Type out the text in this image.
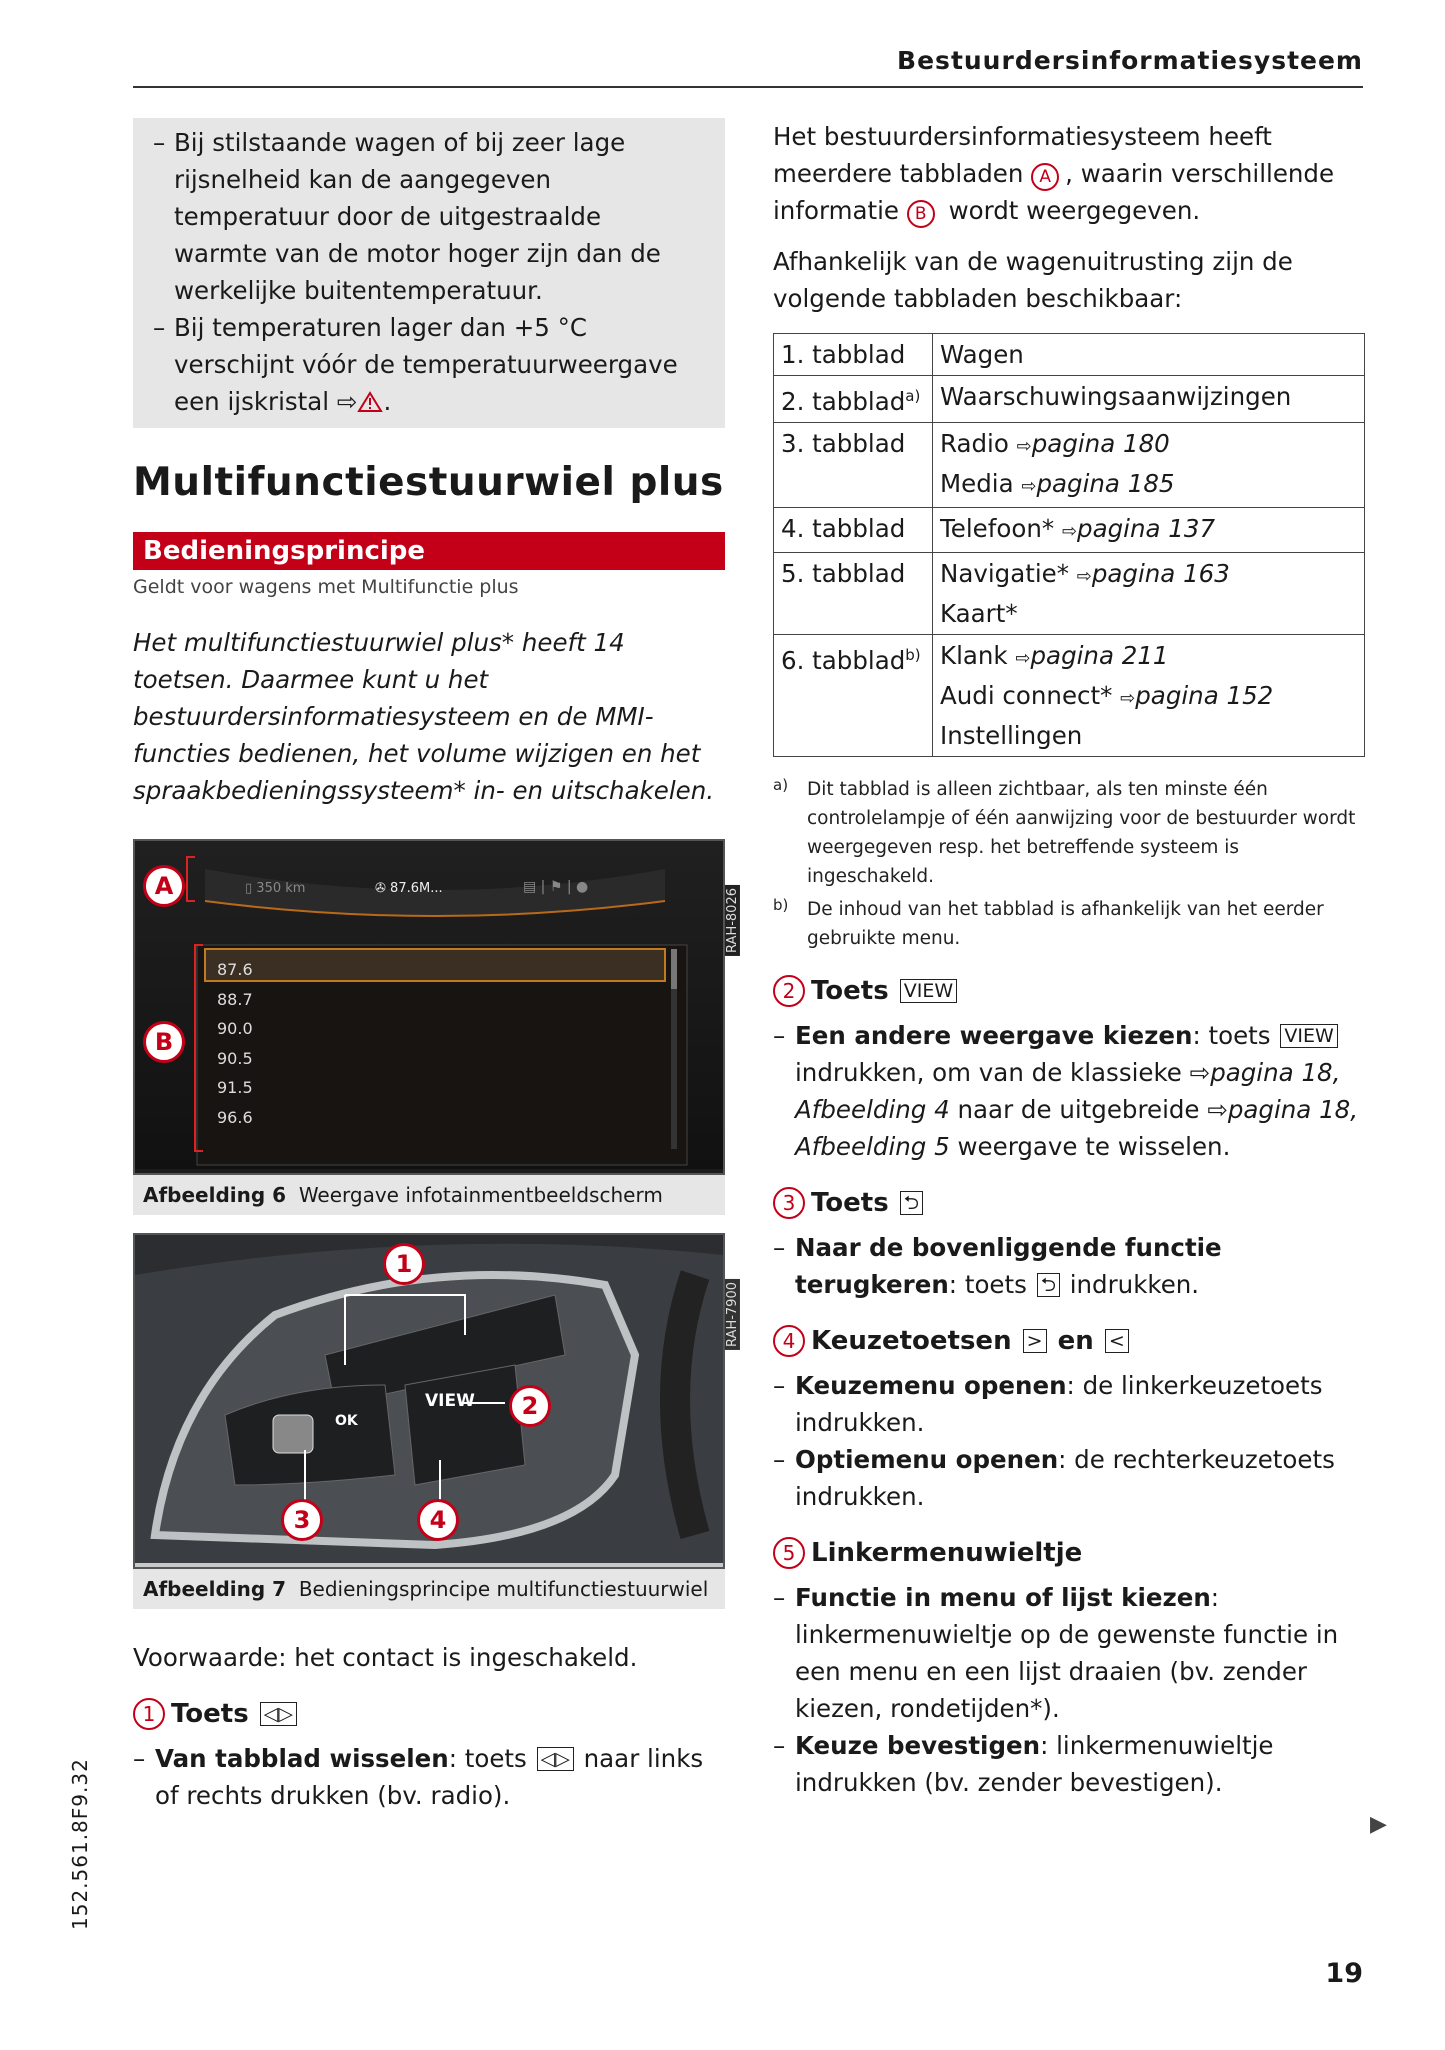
Bestuurdersinformatiesysteem
– Bij stilstaande wagen of bij zeer lage rijsnelheid kan de aangegeven temperatuur door de uitgestraalde warmte van de motor hoger zijn dan de werkelijke buitentemperatuur.
– Bij temperaturen lager dan +5 °C verschijnt vóór de temperatuurweergave een ijskristal ⇨ .
Multifunctiestuurwiel plus
Bedieningsprincipe
Geldt voor wagens met Multifunctie plus
Het multifunctiestuurwiel plus* heeft 14 toetsen. Daarmee kunt u het bestuurdersinformatiesysteem en de MMI-functies bedienen, het volume wijzigen en het spraakbedieningssysteem* in- en uitschakelen.
RAH-8026
A
B
▯ 350 km	✇ 87.6M...	▤ | ⚑ | ●
87.6
88.7
90.0
90.5
91.5
96.6
Afbeelding 6 Weergave infotainmentbeeldscherm
RAH-7900
VIEW
OK
1
2
3	4
Afbeelding 7 Bedieningsprincipe multifunctiestuurwiel
Voorwaarde: het contact is ingeschakeld.
1 Toets
◁▷
– Van tabblad wisselen: toets ◁▷ naar links of rechts drukken (bv. radio).
Het bestuurdersinformatiesysteem heeft meerdere tabbladen A , waarin verschillende informatie B wordt weergegeven.
Afhankelijk van de wagenuitrusting zijn de volgende tabbladen beschikbaar:
1. tabblad	Wagen

2. tabblad$^{a)}$	Waarschuwingsaanwijzingen

3. tabblad	Radio ⇨pagina 180
Media ⇨pagina 185

4. tabblad	Telefoon* ⇨pagina 137

5. tabblad	Navigatie* ⇨pagina 163
Kaart*

6. tabblad$^{b)}$	Klank ⇨pagina 211
Audi connect* ⇨pagina 152
Instellingen
a) Dit tabblad is alleen zichtbaar, als ten minste één controlelampje of één aanwijzing voor de bestuurder wordt weergegeven resp. het betreffende systeem is ingeschakeld.
b) De inhoud van het tabblad is afhankelijk van het eerder gebruikte menu.
2 Toets
VIEW
– Een andere weergave kiezen: toets VIEW indrukken, om van de klassieke ⇨pagina 18, Afbeelding 4 naar de uitgebreide ⇨pagina 18, Afbeelding 5 weergave te wisselen.
3 Toets
⮌
– Naar de bovenliggende functie terugkeren: toets ⮌ indrukken.
4 Keuzetoetsen
>
en
<
– Keuzemenu openen: de linkerkeuzetoets indrukken.
– Optiemenu openen: de rechterkeuzetoets indrukken.
5 Linkermenuwieltje
– Functie in menu of lijst kiezen: linkermenuwieltje op de gewenste functie in een menu en een lijst draaien (bv. zender kiezen, rondetijden*).
– Keuze bevestigen: linkermenuwieltje indrukken (bv. zender bevestigen).
▶
152.561.8F9.32
19
